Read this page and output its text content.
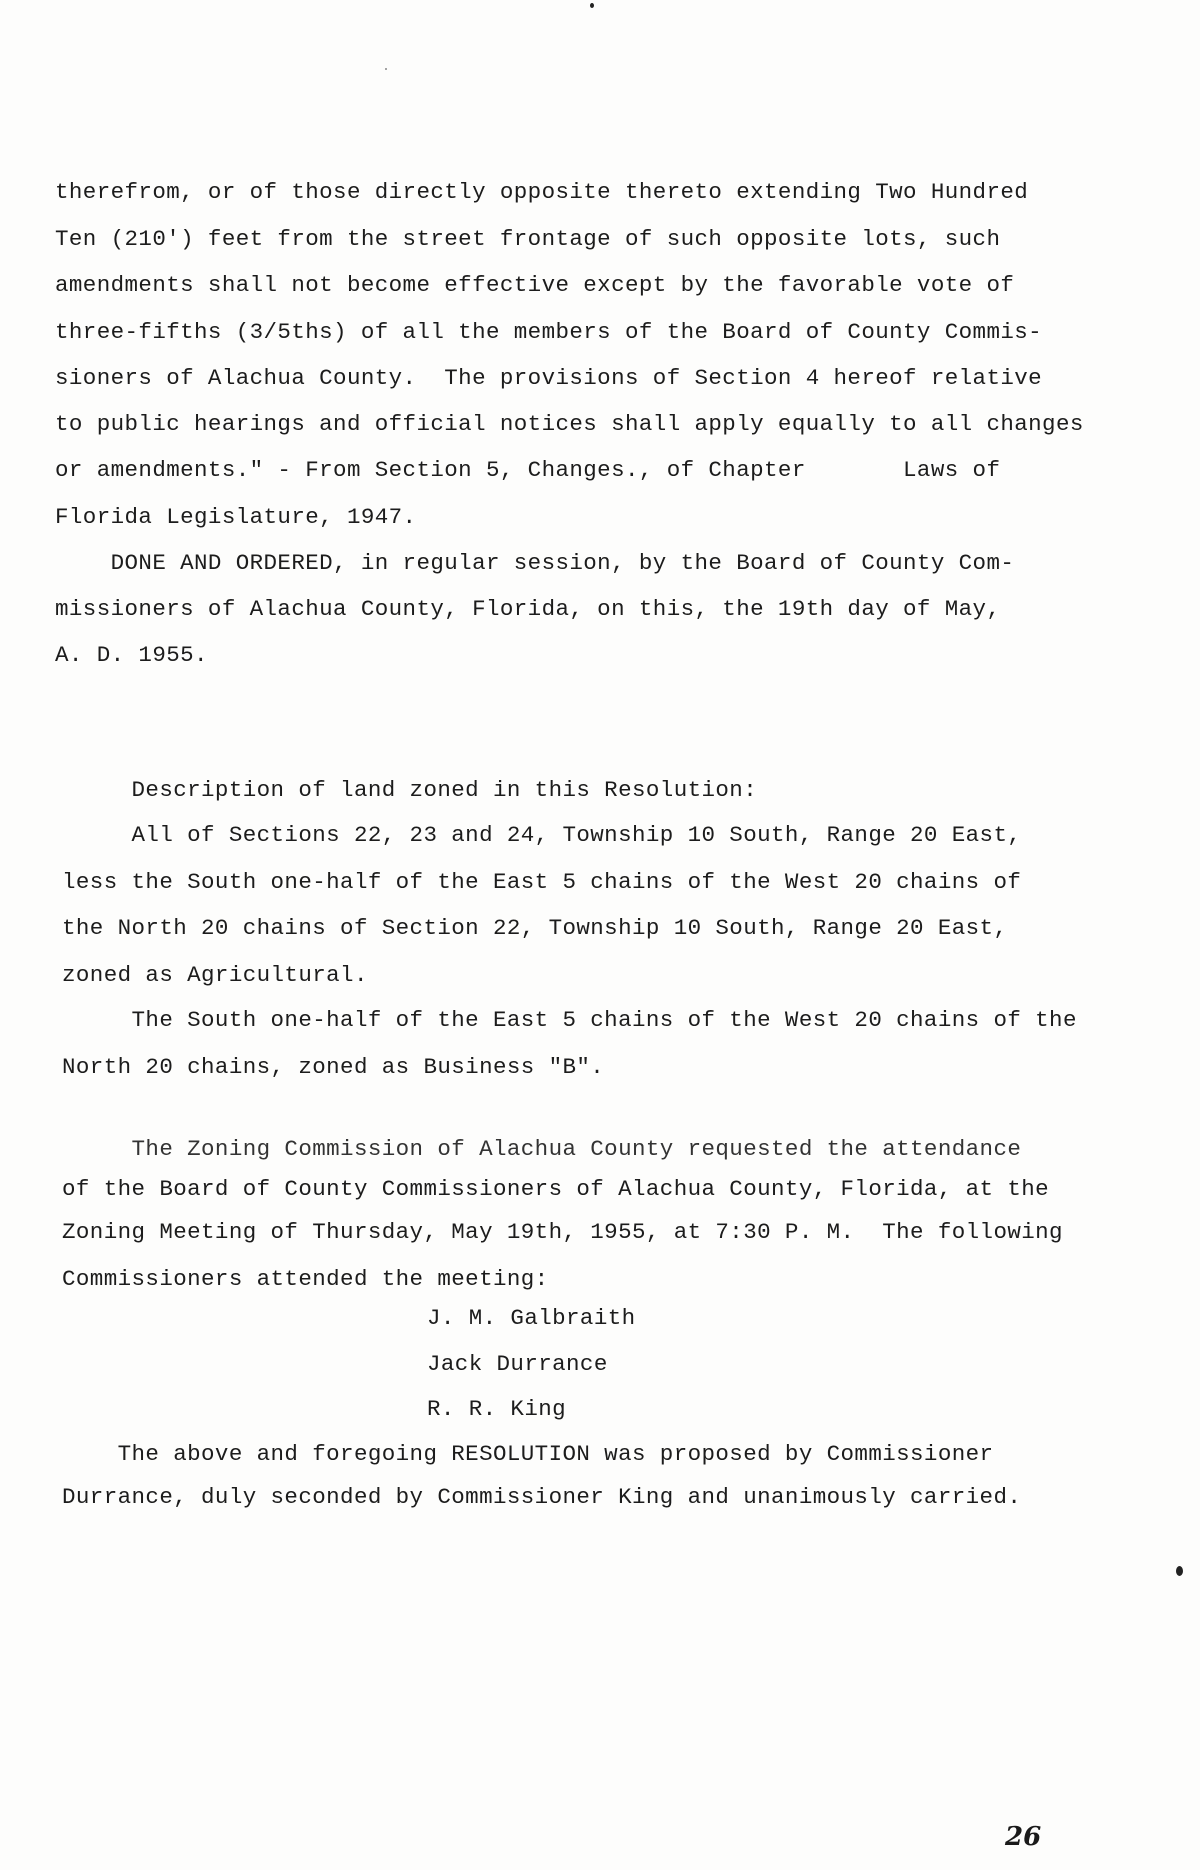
therefrom, or of those directly opposite thereto extending Two Hundred
Ten (210') feet from the street frontage of such opposite lots, such
amendments shall not become effective except by the favorable vote of
three-fifths (3/5ths) of all the members of the Board of County Commis-
sioners of Alachua County.  The provisions of Section 4 hereof relative
to public hearings and official notices shall apply equally to all changes
or amendments." - From Section 5, Changes., of Chapter       Laws of
Florida Legislature, 1947.
DONE AND ORDERED, in regular session, by the Board of County Com-
missioners of Alachua County, Florida, on this, the 19th day of May,
A. D. 1955.
Description of land zoned in this Resolution:
All of Sections 22, 23 and 24, Township 10 South, Range 20 East,
less the South one-half of the East 5 chains of the West 20 chains of
the North 20 chains of Section 22, Township 10 South, Range 20 East,
zoned as Agricultural.
The South one-half of the East 5 chains of the West 20 chains of the
North 20 chains, zoned as Business "B".
The Zoning Commission of Alachua County requested the attendance
of the Board of County Commissioners of Alachua County, Florida, at the
Zoning Meeting of Thursday, May 19th, 1955, at 7:30 P. M.  The following
Commissioners attended the meeting:
J. M. Galbraith
Jack Durrance
R. R. King
The above and foregoing RESOLUTION was proposed by Commissioner
Durrance, duly seconded by Commissioner King and unanimously carried.
26
